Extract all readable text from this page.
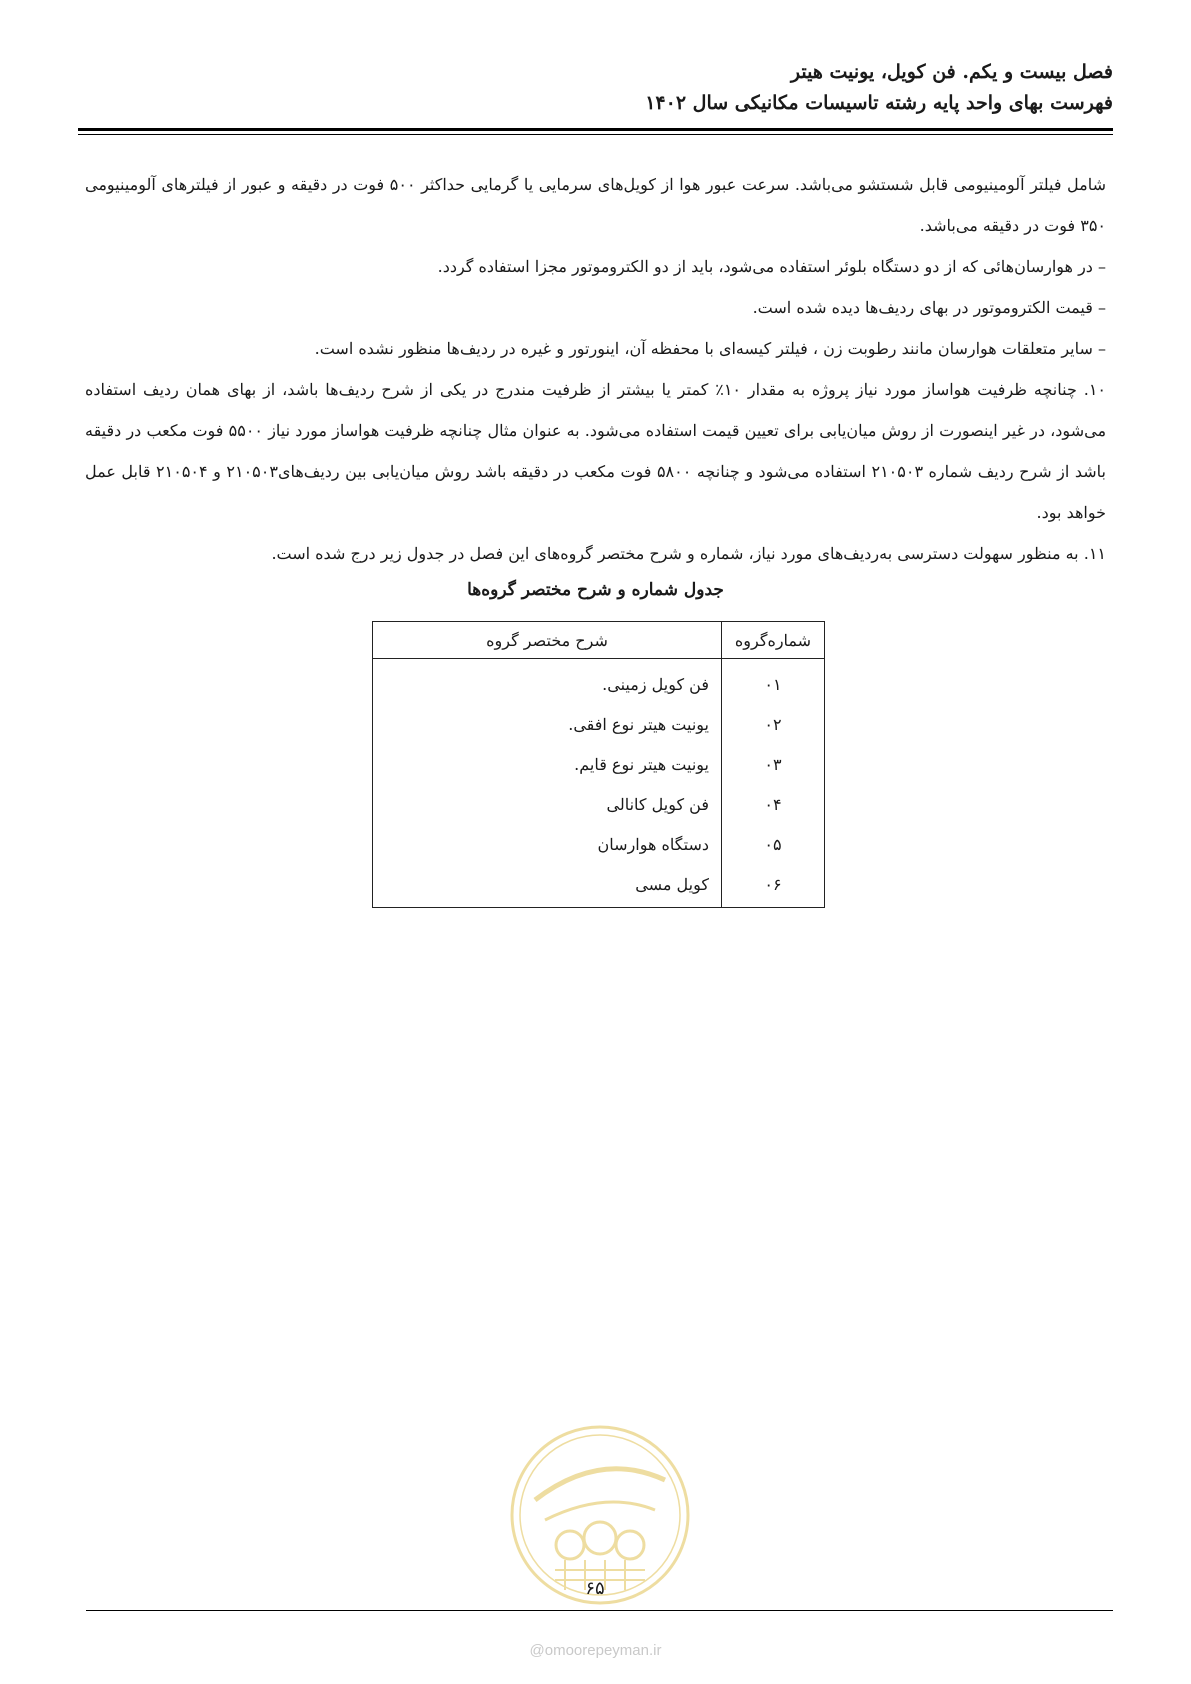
فصل بیست و یکم. فن کویل، یونیت هیتر
فهرست بهای واحد پایه رشته تاسیسات مکانیکی سال ۱۴۰۲
شامل فیلتر آلومینیومی قابل شستشو می‌باشد. سرعت عبور هوا از کویل‌های سرمایی یا گرمایی حداکثر ۵۰۰ فوت در دقیقه و عبور از فیلترهای آلومینیومی ۳۵۰ فوت در دقیقه می‌باشد.
– در هوارسان‌هائی که از دو دستگاه بلوئر استفاده می‌شود، باید از دو الکتروموتور مجزا استفاده گردد.
– قیمت الکتروموتور در بهای ردیف‌ها دیده شده است.
– سایر متعلقات هوارسان مانند رطوبت زن ، فیلتر کیسه‌ای با محفظه آن، اینورتور و غیره در ردیف‌ها منظور نشده است.
۱۰. چنانچه ظرفیت هواساز مورد نیاز پروژه به مقدار ۱۰٪ کمتر یا بیشتر از ظرفیت مندرج در یکی از شرح ردیف‌ها باشد، از بهای همان ردیف استفاده می‌شود، در غیر اینصورت از روش میان‌یابی برای تعیین قیمت استفاده می‌شود. به عنوان مثال چنانچه ظرفیت هواساز مورد نیاز ۵۵۰۰ فوت مکعب در دقیقه باشد از شرح ردیف شماره ۲۱۰۵۰۳ استفاده می‌شود و چنانچه ۵۸۰۰ فوت مکعب در دقیقه باشد روش میان‌یابی بین ردیف‌های۲۱۰۵۰۳ و ۲۱۰۵۰۴ قابل عمل خواهد بود.
۱۱. به منظور سهولت دسترسی به‌ردیف‌های مورد نیاز، شماره و شرح مختصر گروه‌های این فصل در جدول زیر درج شده است.
جدول شماره و شرح مختصر گروه‌ها
شماره‌گروه	شرح مختصر گروه
۰۱	فن کویل زمینی.
۰۲	یونیت هیتر نوع افقی.
۰۳	یونیت هیتر نوع قایم.
۰۴	فن کویل کانالی
۰۵	دستگاه هوارسان
۰۶	کویل مسی
۶۵
@omoorepeyman.ir
